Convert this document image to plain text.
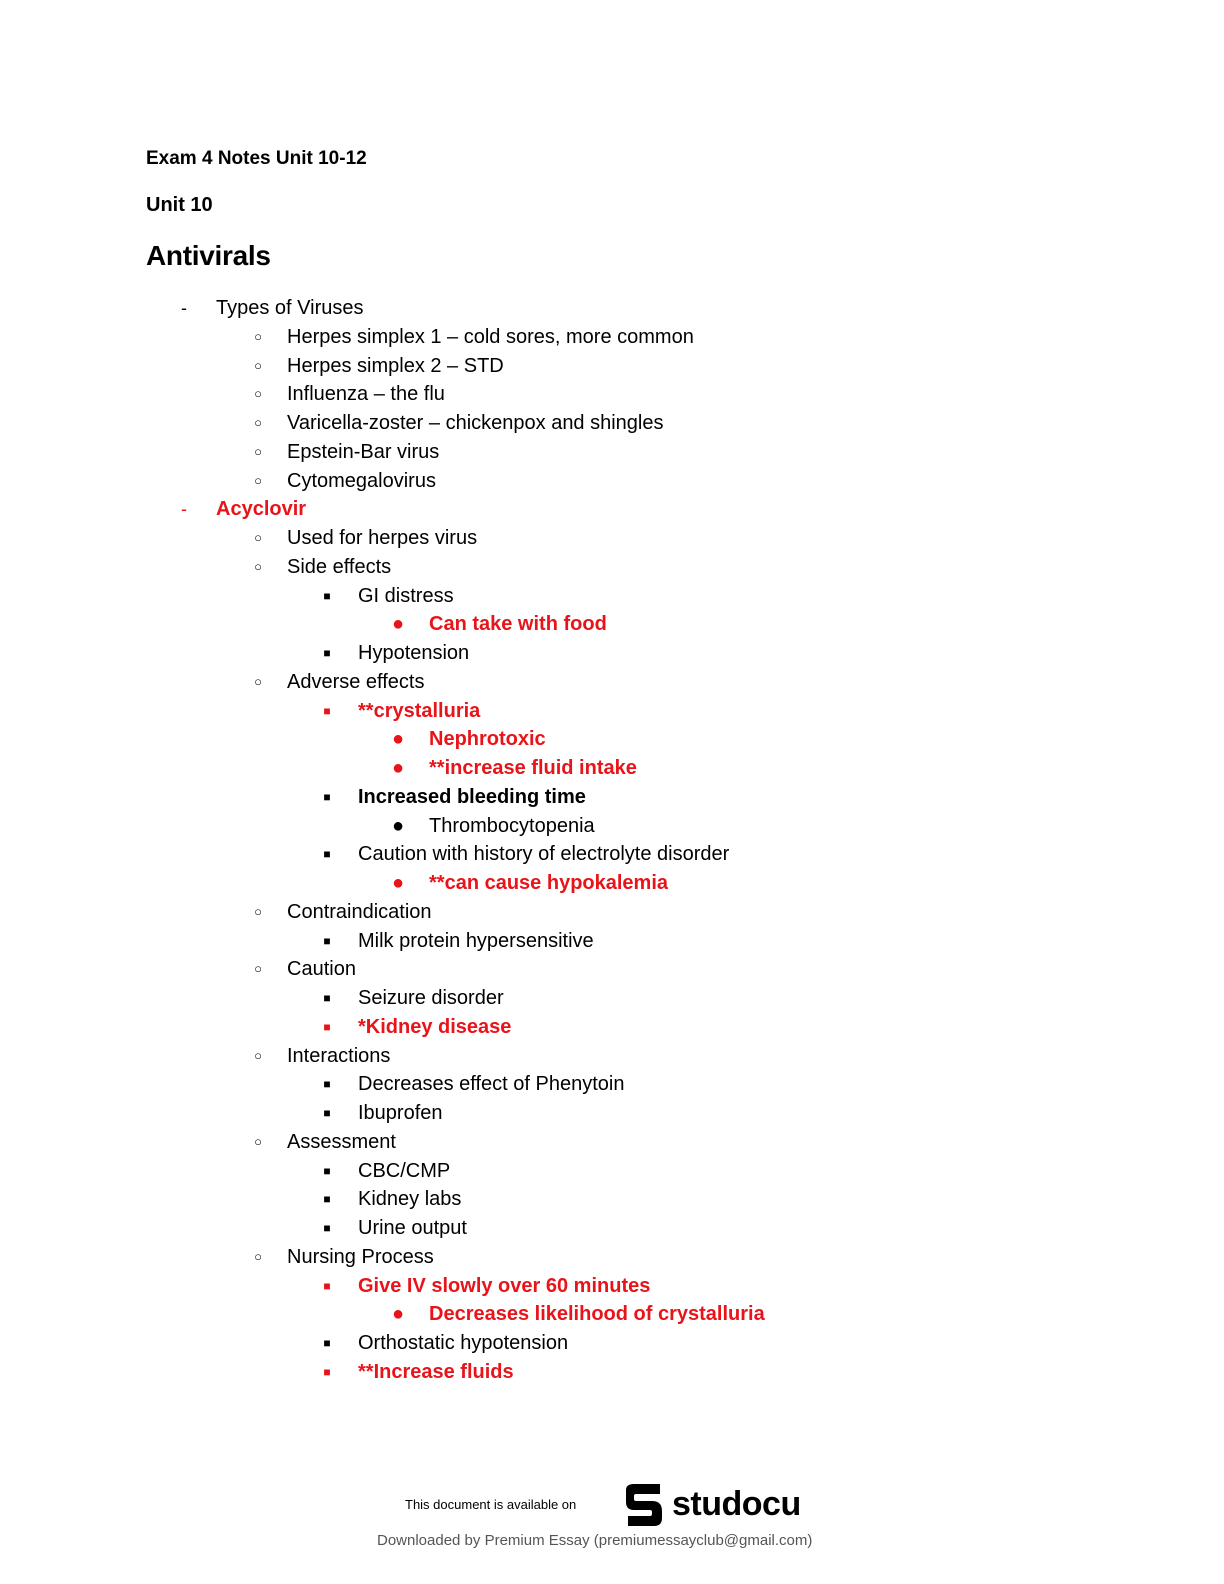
Exam 4 Notes Unit 10-12
Unit 10
Antivirals
-	Types of Viruses
○	Herpes simplex 1 – cold sores, more common
○	Herpes simplex 2 – STD
○	Influenza – the flu
○	Varicella-zoster – chickenpox and shingles
○	Epstein-Bar virus
○	Cytomegalovirus
-	Acyclovir
○	Used for herpes virus
○	Side effects
■	GI distress
● Can take with food
■	Hypotension
○	Adverse effects
■	**crystalluria
● Nephrotoxic
● **increase fluid intake
■	Increased bleeding time
● Thrombocytopenia
■	Caution with history of electrolyte disorder
● **can cause hypokalemia
○	Contraindication
■	Milk protein hypersensitive
○	Caution
■	Seizure disorder
■	*Kidney disease
○	Interactions
■	Decreases effect of Phenytoin
■	Ibuprofen
○	Assessment
■	CBC/CMP
■	Kidney labs
■	Urine output
○	Nursing Process
■	Give IV slowly over 60 minutes
● Decreases likelihood of crystalluria
■	Orthostatic hypotension
■	**Increase fluids
This document is available on	studocu
Downloaded by Premium Essay (premiumessayclub@gmail.com)
